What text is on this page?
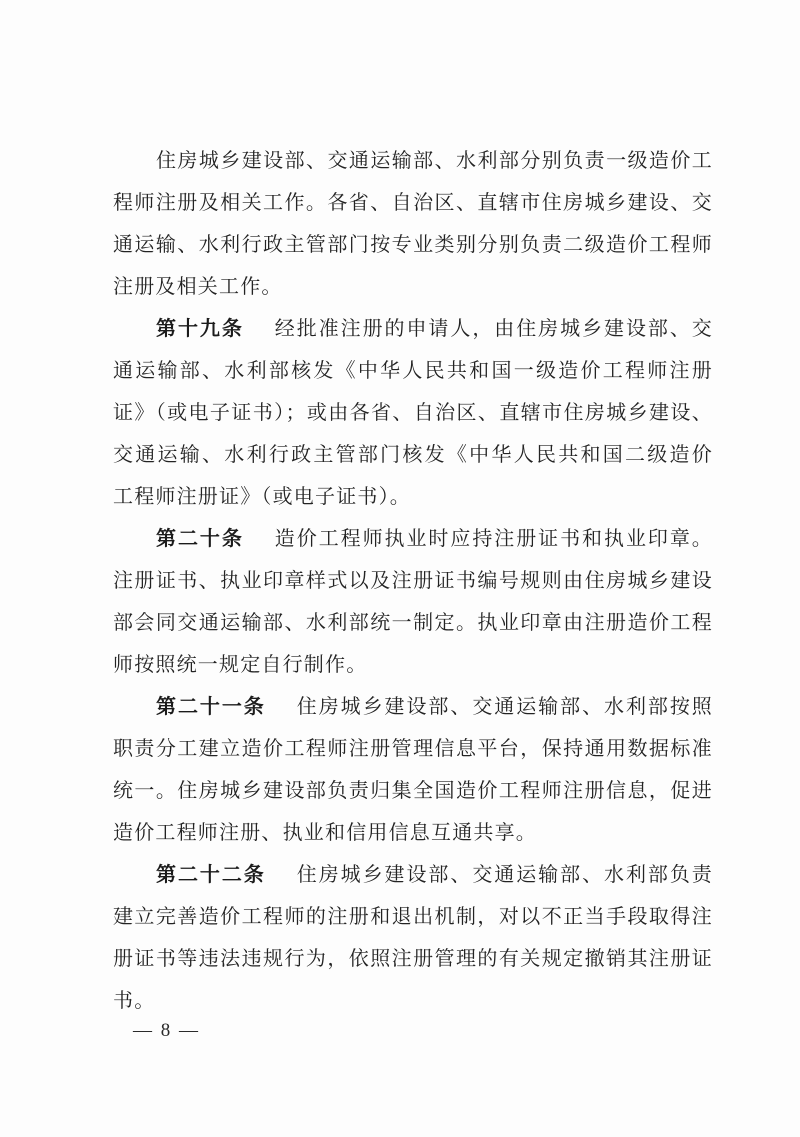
住房城乡建设部、交通运输部、水利部分别负责一级造价工
程师注册及相关工作。各省、自治区、直辖市住房城乡建设、交
通运输、水利行政主管部门按专业类别分别负责二级造价工程师
注册及相关工作。
第十九条 经批准注册的申请人，由住房城乡建设部、交
通运输部、水利部核发《中华人民共和国一级造价工程师注册
证》（或电子证书）；或由各省、自治区、直辖市住房城乡建设、
交通运输、水利行政主管部门核发《中华人民共和国二级造价
工程师注册证》（或电子证书）。
第二十条 造价工程师执业时应持注册证书和执业印章。
注册证书、执业印章样式以及注册证书编号规则由住房城乡建设
部会同交通运输部、水利部统一制定。执业印章由注册造价工程
师按照统一规定自行制作。
第二十一条 住房城乡建设部、交通运输部、水利部按照
职责分工建立造价工程师注册管理信息平台，保持通用数据标准
统一。住房城乡建设部负责归集全国造价工程师注册信息，促进
造价工程师注册、执业和信用信息互通共享。
第二十二条 住房城乡建设部、交通运输部、水利部负责
建立完善造价工程师的注册和退出机制，对以不正当手段取得注
册证书等违法违规行为，依照注册管理的有关规定撤销其注册证
书。
— 8 —
